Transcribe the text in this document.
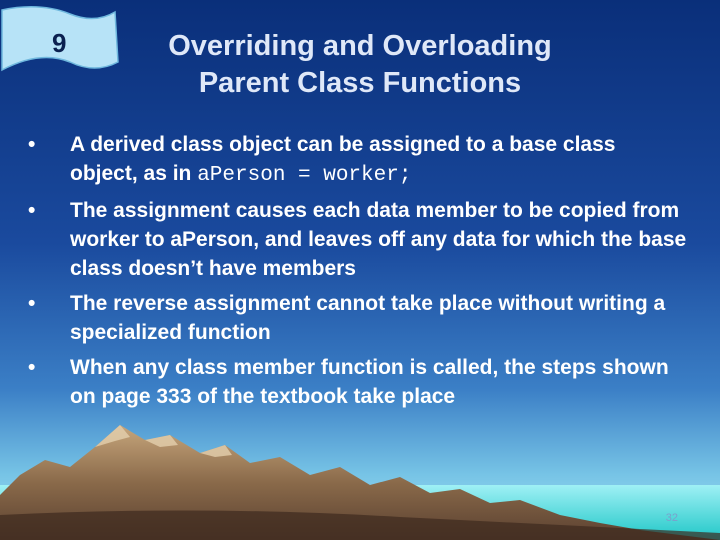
9	Overriding and Overloading
Parent Class Functions
• A derived class object can be assigned to a base class object, as in aPerson = worker;
• The assignment causes each data member to be copied from worker to aPerson, and leaves off any data for which the base class doesn’t have members
• The reverse assignment cannot take place without writing a specialized function
• When any class member function is called, the steps shown on page 333 of the textbook take place
32
